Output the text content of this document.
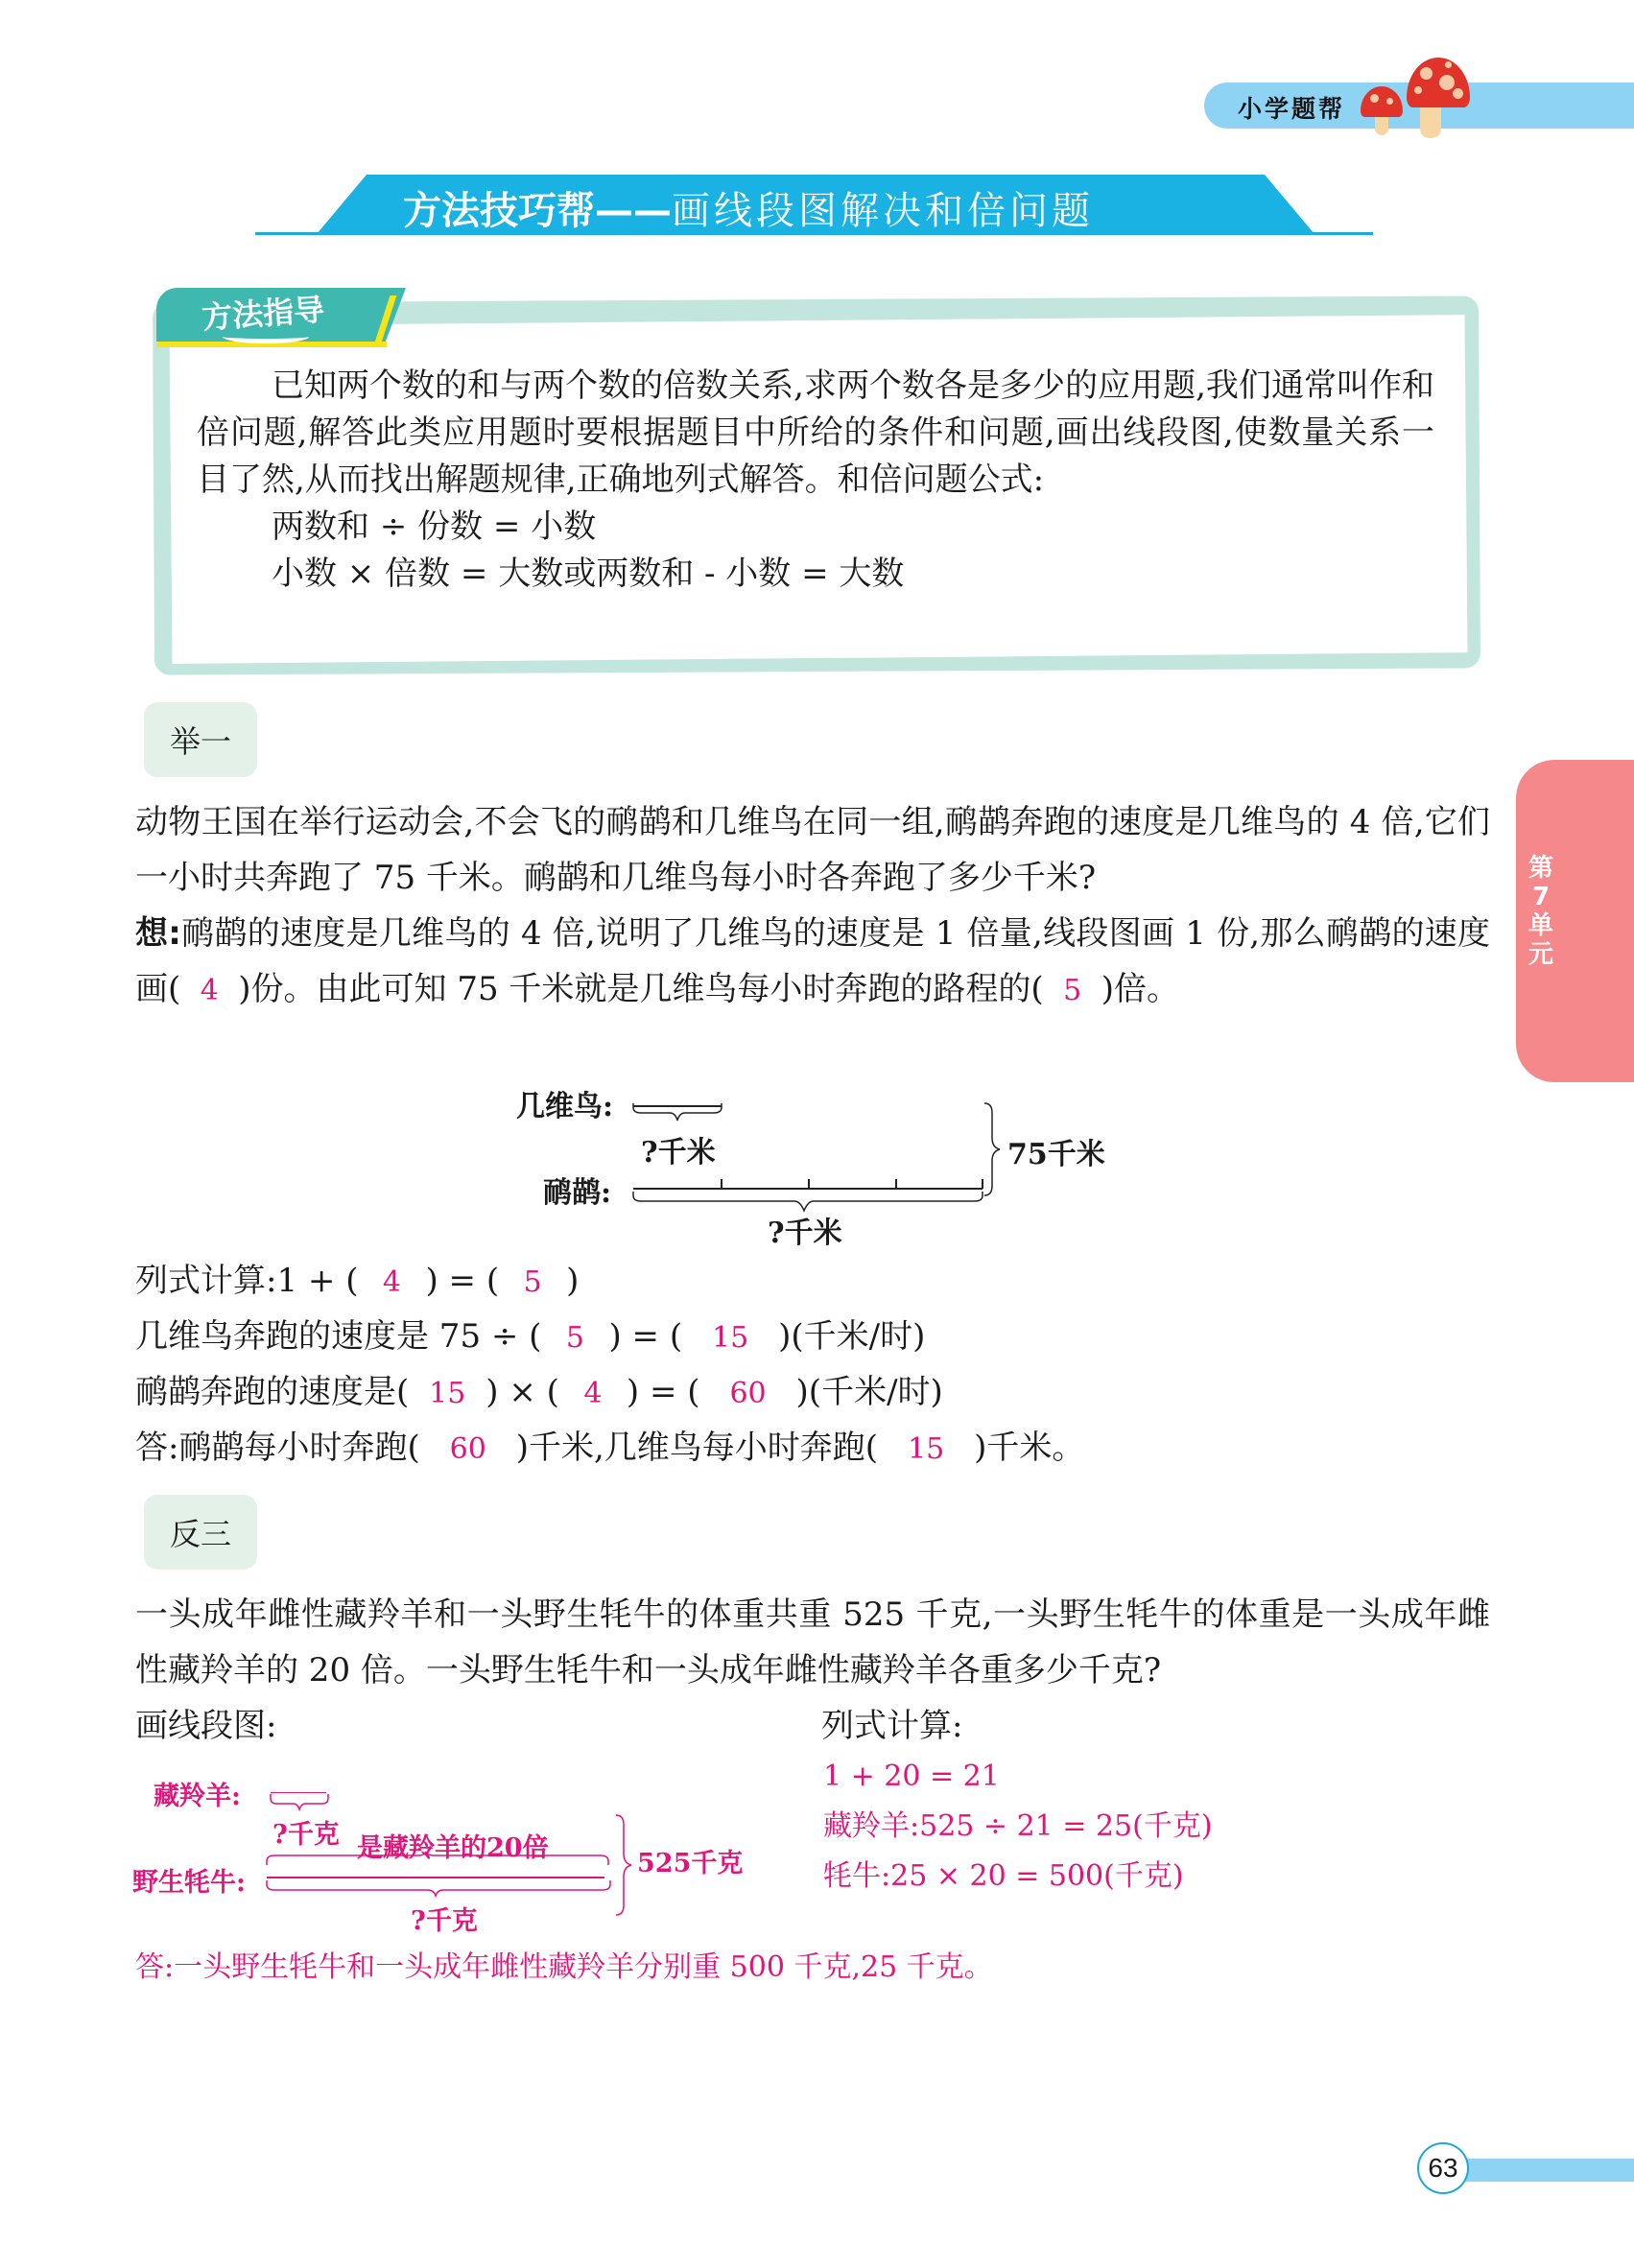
小学题帮
方法技巧帮——画线段图解决和倍问题
方法指导

已知两个数的和与两个数的倍数关系,求两个数各是多少的应用题,我们通常叫作和倍问题,解答此类应用题时要根据题目中所给的条件和问题,画出线段图,使数量关系一目了然,从而找出解题规律,正确地列式解答。和倍问题公式:

两数和 ÷ 份数 = 小数

小数 × 倍数 = 大数或两数和 - 小数 = 大数

举一
动物王国在举行运动会,不会飞的鸸鹋和几维鸟在同一组,鸸鹋奔跑的速度是几维鸟的 4 倍,它们一小时共奔跑了 75 千米。鸸鹋和几维鸟每小时各奔跑了多少千米?
想:鸸鹋的速度是几维鸟的 4 倍,说明了几维鸟的速度是 1 倍量,线段图画 1 份,那么鸸鹋的速度画( 4 )份。由此可知 75 千米就是几维鸟每小时奔跑的路程的( 5 )倍。
几维鸟:
?千米
鸸鹋:
?千米
75千米
列式计算:1 + ( 4 ) = ( 5 )
几维鸟奔跑的速度是 75 ÷ ( 5 ) = ( 15 )(千米/时)
鸸鹋奔跑的速度是( 15 ) × ( 4 ) = ( 60 )(千米/时)
答:鸸鹋每小时奔跑( 60 )千米,几维鸟每小时奔跑( 15 )千米。
反三
一头成年雌性藏羚羊和一头野生牦牛的体重共重 525 千克,一头野生牦牛的体重是一头成年雌性藏羚羊的 20 倍。一头野生牦牛和一头成年雌性藏羚羊各重多少千克?
画线段图:	列式计算:
藏羚羊:
?千克 是藏羚羊的20倍
野生牦牛:
?千克
525千克
1 + 20 = 21
藏羚羊:525 ÷ 21 = 25(千克)
牦牛:25 × 20 = 500(千克)
答:一头野生牦牛和一头成年雌性藏羚羊分别重 500 千克,25 千克。
第
7
单
元
63
